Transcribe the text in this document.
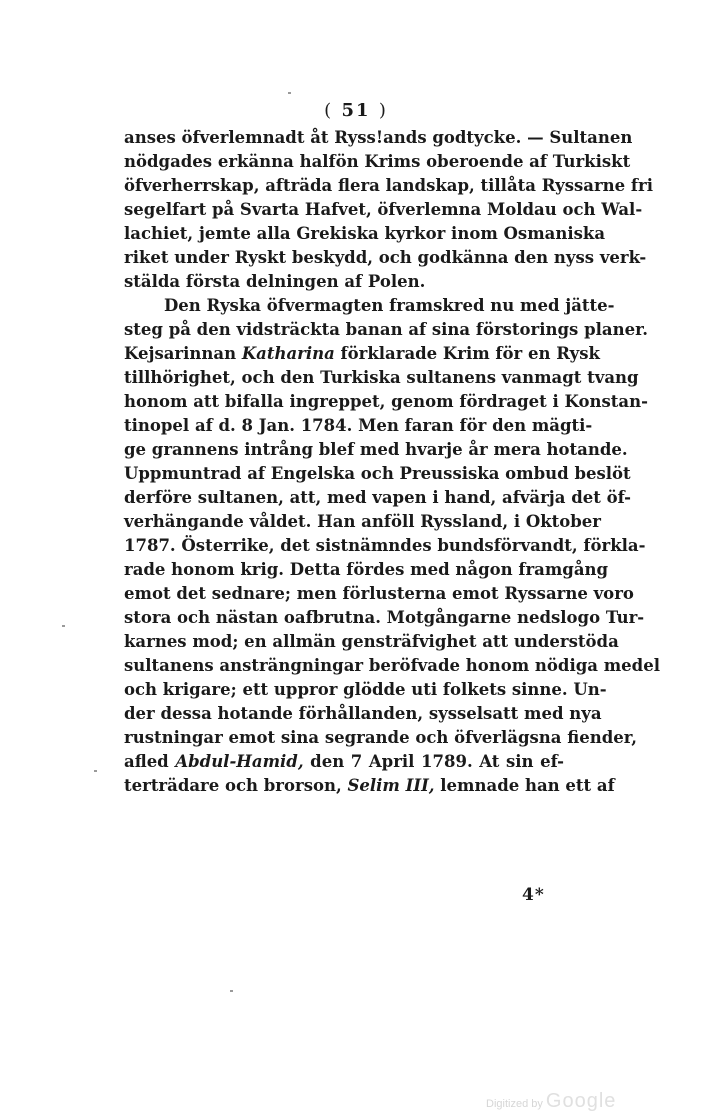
( 51 )
anses öfverlemnadt åt Ryss!ands godtycke. — Sultanen
nödgades erkänna halfön Krims oberoende af Turkiskt
öfverherrskap, afträda flera landskap, tillåta Ryssarne fri
segelfart på Svarta Hafvet, öfverlemna Moldau och Wal-
lachiet, jemte alla Grekiska kyrkor inom Osmaniska
riket under Ryskt beskydd, och godkänna den nyss verk-
stälda första delningen af Polen.
Den Ryska öfvermagten framskred nu med jätte-
steg på den vidsträckta banan af sina förstorings planer.
Kejsarinnan Katharina förklarade Krim för en Rysk
tillhörighet, och den Turkiska sultanens vanmagt tvang
honom att bifalla ingreppet, genom fördraget i Konstan-
tinopel af d. 8 Jan. 1784. Men faran för den mägti-
ge grannens intrång blef med hvarje år mera hotande.
Uppmuntrad af Engelska och Preussiska ombud beslöt
derföre sultanen, att, med vapen i hand, afvärja det öf-
verhängande våldet. Han anföll Ryssland, i Oktober
1787. Österrike, det sistnämndes bundsförvandt, förkla-
rade honom krig. Detta fördes med någon framgång
emot det sednare; men förlusterna emot Ryssarne voro
stora och nästan oafbrutna. Motgångarne nedslogo Tur-
karnes mod; en allmän gensträfvighet att understöda
sultanens ansträngningar beröfvade honom nödiga medel
och krigare; ett uppror glödde uti folkets sinne. Un-
der dessa hotande förhållanden, sysselsatt med nya
rustningar emot sina segrande och öfverlägsna fiender,
afled Abdul-Hamid, den 7 April 1789. At sin ef-
terträdare och brorson, Selim III, lemnade han ett af
4*
Digitized by Google
